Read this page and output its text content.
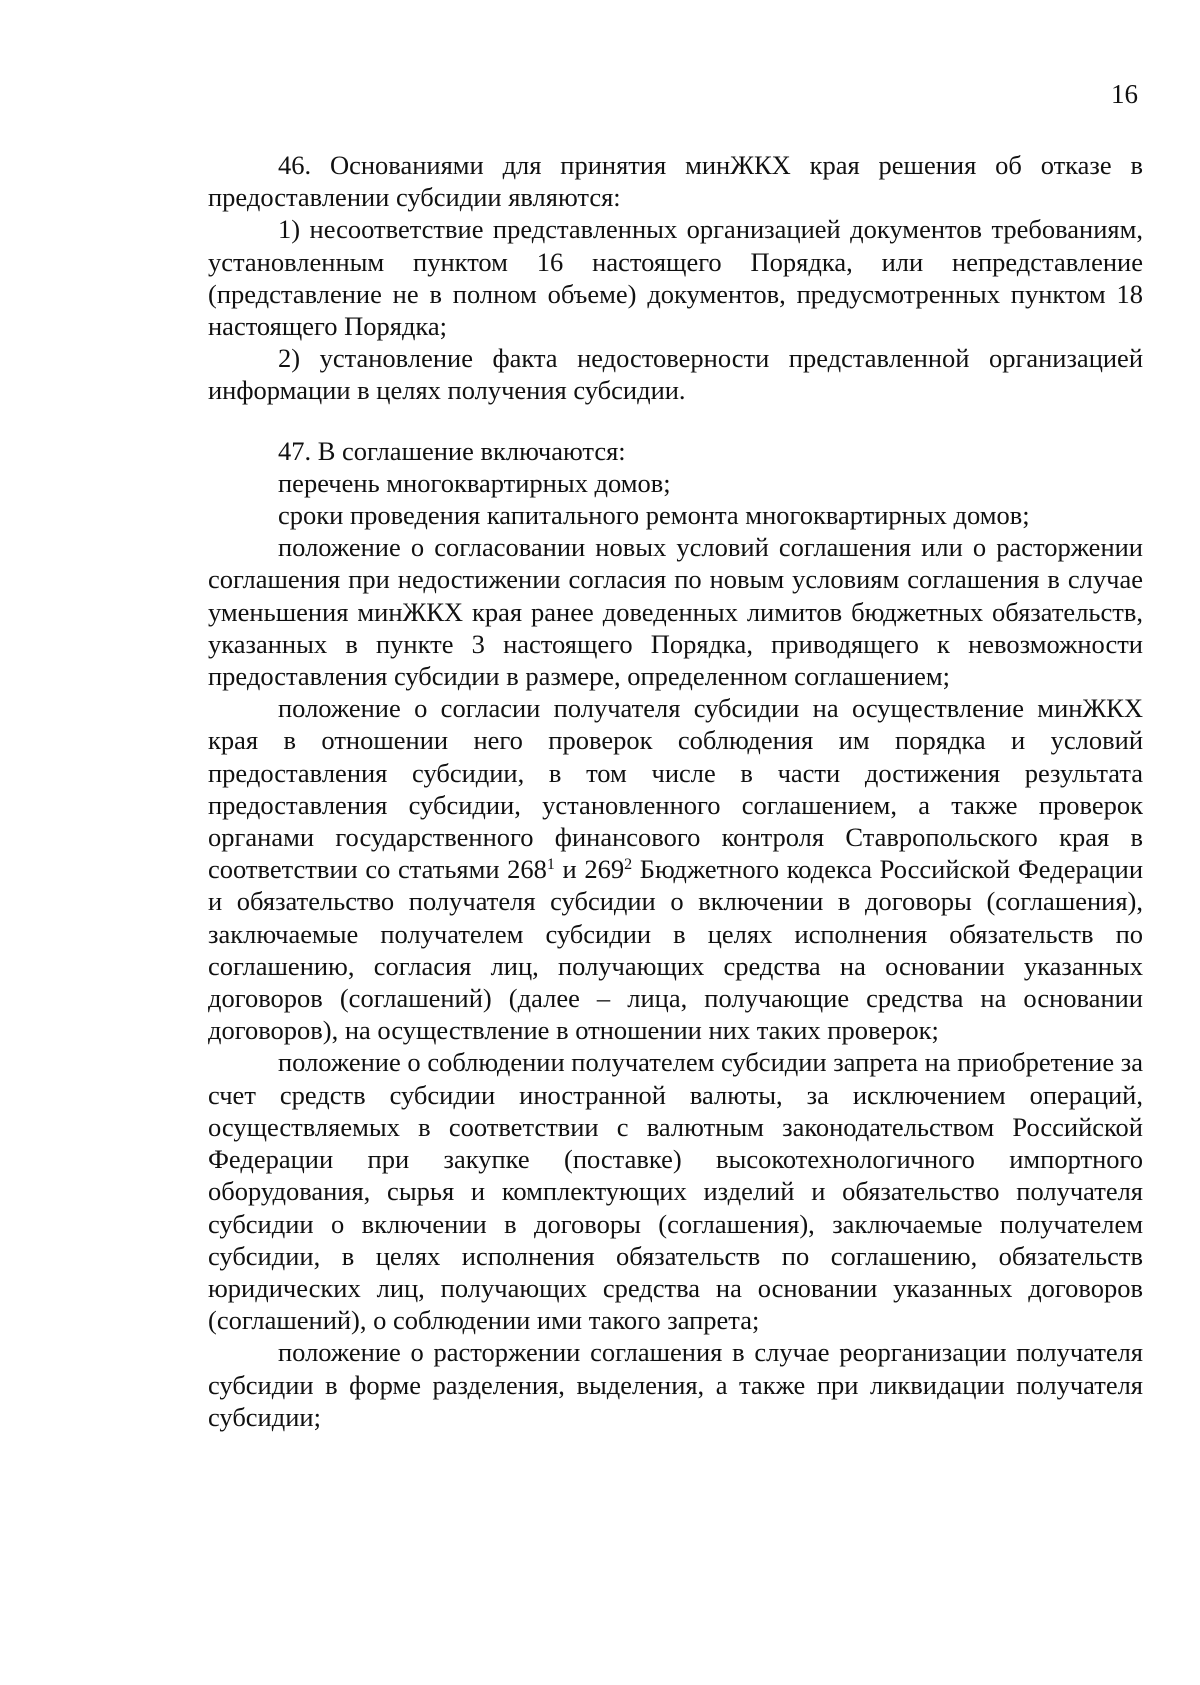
16

46. Основаниями для принятия минЖКХ края решения об отказе в предоставлении субсидии являются:

1) несоответствие представленных организацией документов требованиям, установленным пунктом 16 настоящего Порядка, или непредставление (представление не в полном объеме) документов, предусмотренных пунктом 18 настоящего Порядка;

2) установление факта недостоверности представленной организацией информации в целях получения субсидии.

47. В соглашение включаются:

перечень многоквартирных домов;

сроки проведения капитального ремонта многоквартирных домов;

положение о согласовании новых условий соглашения или о расторжении соглашения при недостижении согласия по новым условиям соглашения в случае уменьшения минЖКХ края ранее доведенных лимитов бюджетных обязательств, указанных в пункте 3 настоящего Порядка, приводящего к невозможности предоставления субсидии в размере, определенном соглашением;

положение о согласии получателя субсидии на осуществление минЖКХ края в отношении него проверок соблюдения им порядка и условий предоставления субсидии, в том числе в части достижения результата предоставления субсидии, установленного соглашением, а также проверок органами государственного финансового контроля Ставропольского края в соответствии со статьями $268^1$ и $269^2$ Бюджетного кодекса Российской Федерации и обязательство получателя субсидии о включении в договоры (соглашения), заключаемые получателем субсидии в целях исполнения обязательств по соглашению, согласия лиц, получающих средства на основании указанных договоров (соглашений) (далее – лица, получающие средства на основании договоров), на осуществление в отношении них таких проверок;

положение о соблюдении получателем субсидии запрета на приобретение за счет средств субсидии иностранной валюты, за исключением операций, осуществляемых в соответствии с валютным законодательством Российской Федерации при закупке (поставке) высокотехнологичного импортного оборудования, сырья и комплектующих изделий и обязательство получателя субсидии о включении в договоры (соглашения), заключаемые получателем субсидии, в целях исполнения обязательств по соглашению, обязательств юридических лиц, получающих средства на основании указанных договоров (соглашений), о соблюдении ими такого запрета;

положение о расторжении соглашения в случае реорганизации получателя субсидии в форме разделения, выделения, а также при ликвидации получателя субсидии;
